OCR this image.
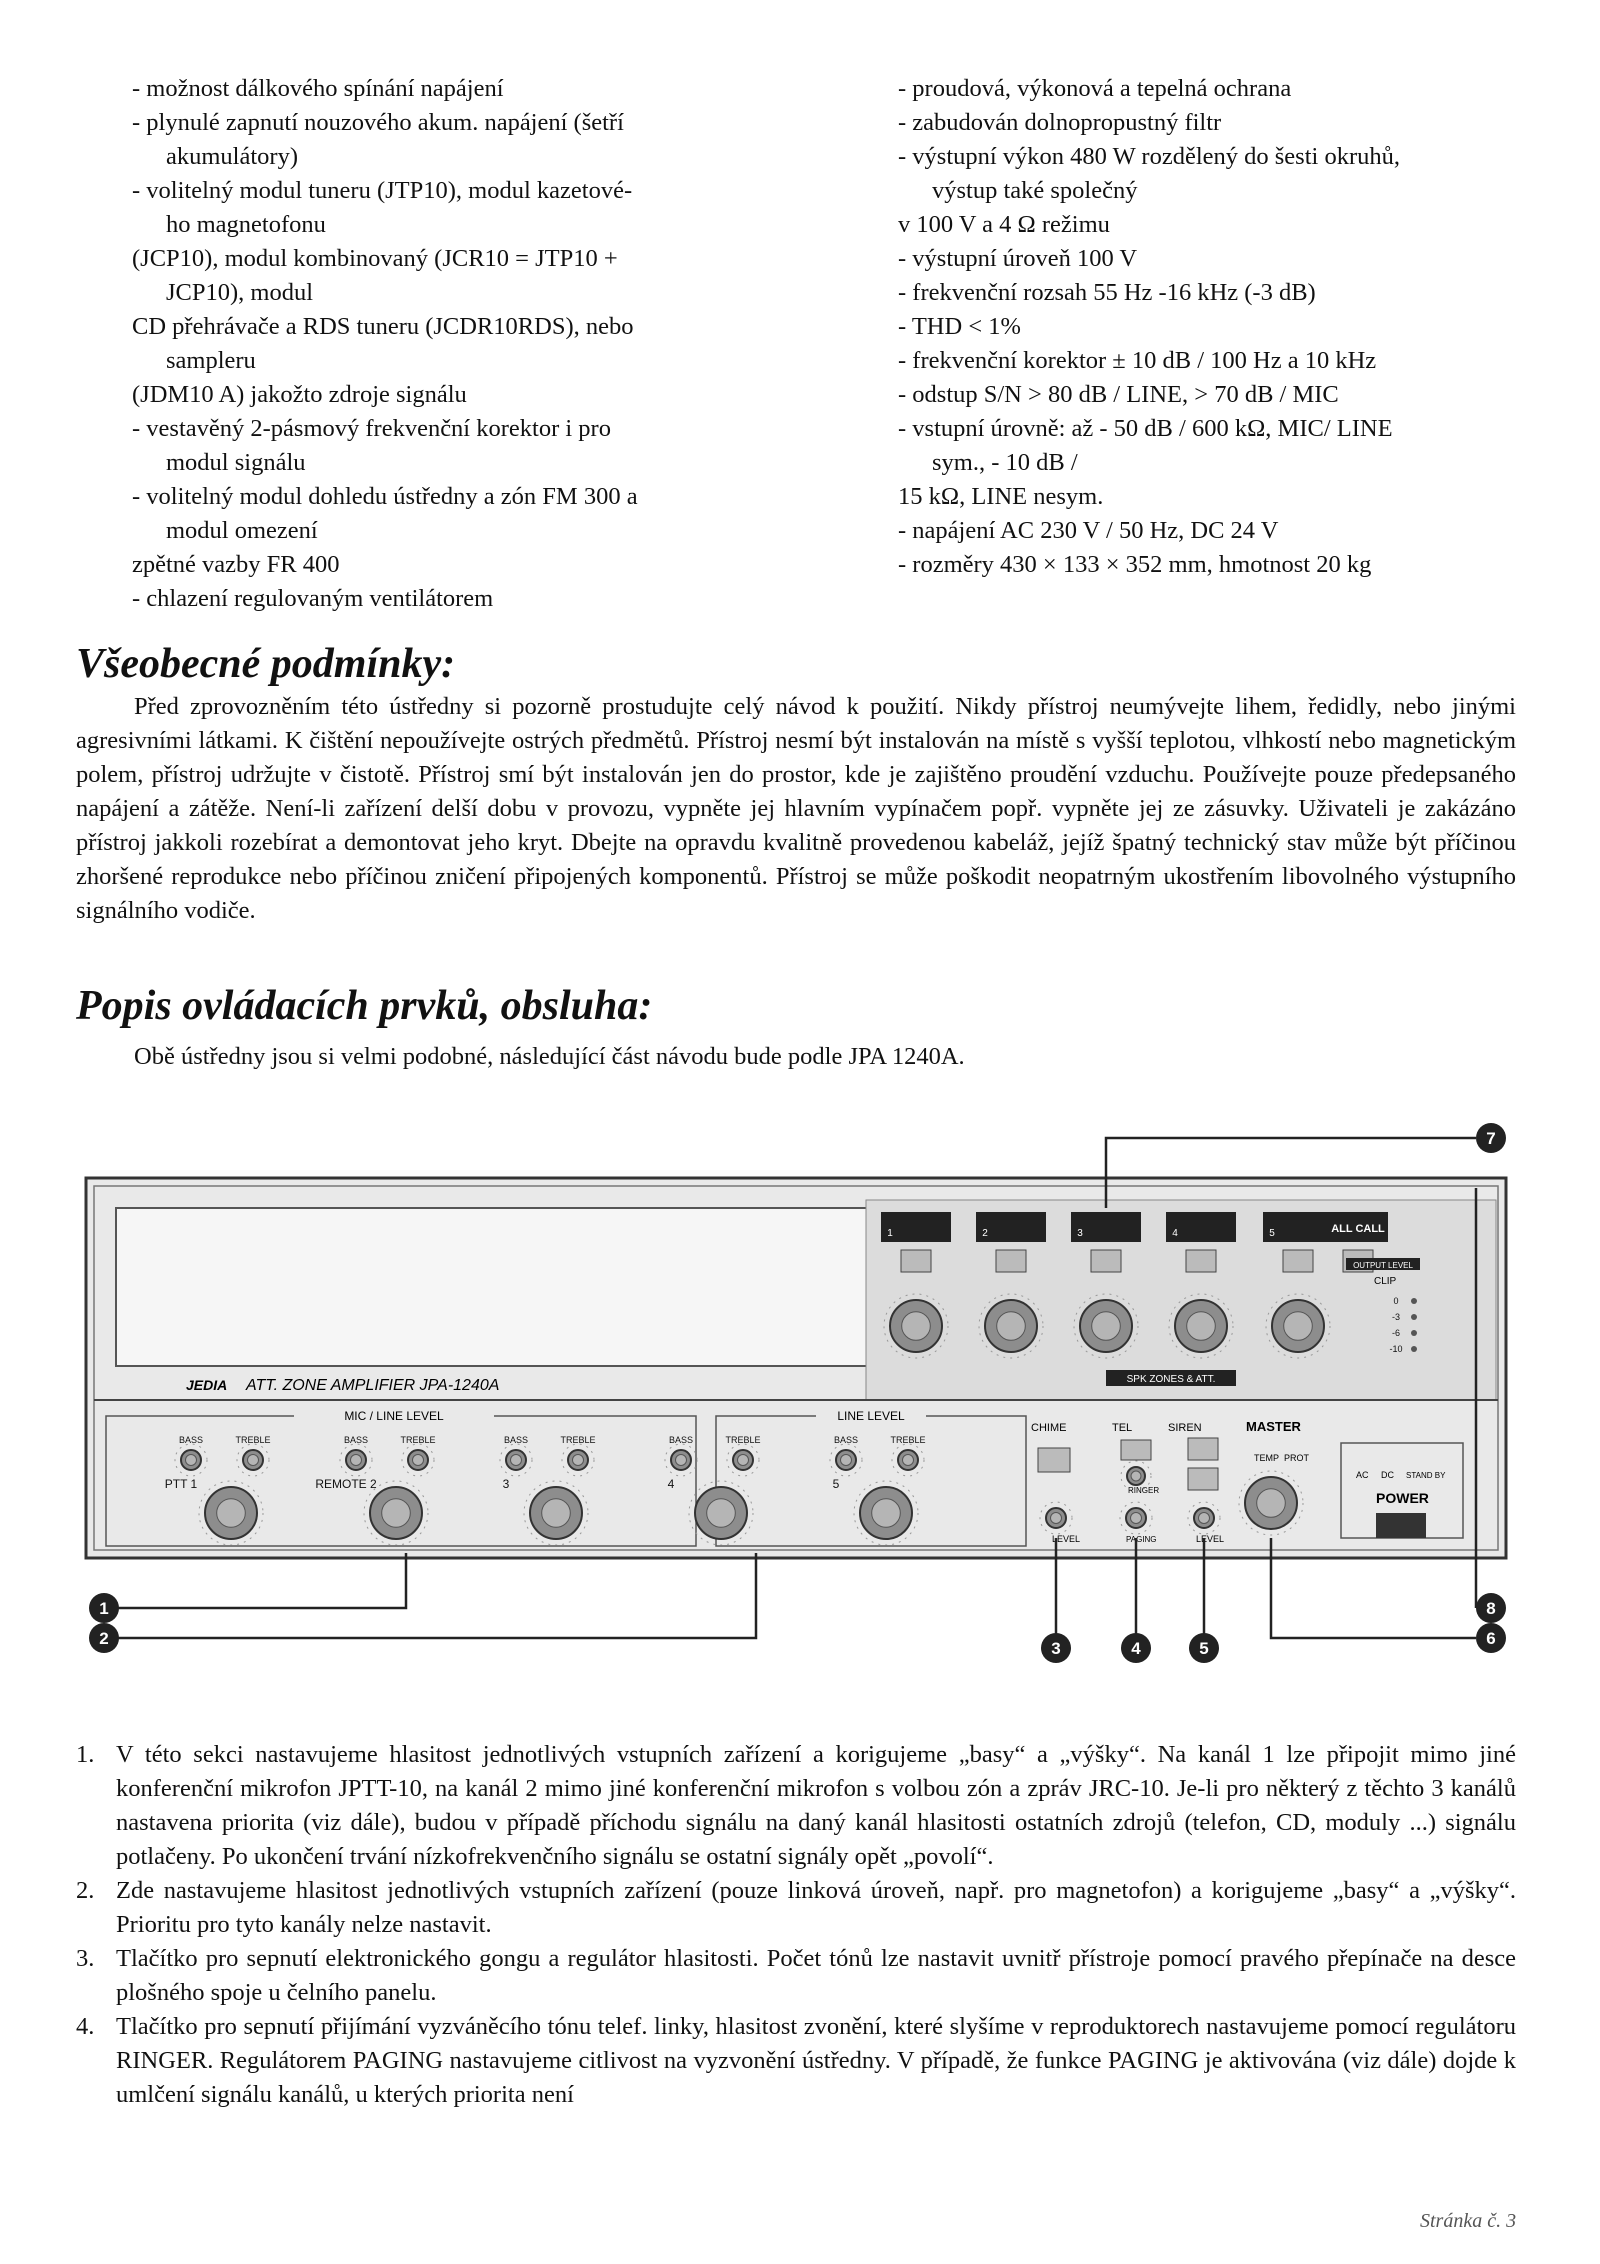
- možnost dálkového spínání napájení

- plynulé zapnutí nouzového akum. napájení (šetří

akumulátory)

- volitelný modul tuneru (JTP10), modul kazetové-

ho magnetofonu

(JCP10), modul kombinovaný (JCR10 = JTP10 +

JCP10), modul

CD přehrávače a RDS tuneru (JCDR10RDS), nebo

sampleru

(JDM10 A) jakožto zdroje signálu

- vestavěný 2-pásmový frekvenční korektor i pro

modul signálu

- volitelný modul dohledu ústředny a zón FM 300 a

modul omezení

zpětné vazby FR 400

- chlazení regulovaným ventilátorem

- proudová, výkonová a tepelná ochrana

- zabudován dolnopropustný filtr

- výstupní výkon 480 W rozdělený do šesti okruhů,

výstup také společný

v 100 V a 4 Ω režimu

- výstupní úroveň 100 V

- frekvenční rozsah 55 Hz -16 kHz (-3 dB)

- THD < 1%

- frekvenční korektor ± 10 dB / 100 Hz a 10 kHz

- odstup S/N > 80 dB / LINE, > 70 dB / MIC

- vstupní úrovně: až - 50 dB / 600 kΩ, MIC/ LINE

sym., - 10 dB /

15 kΩ, LINE nesym.

- napájení AC 230 V / 50 Hz, DC 24 V

- rozměry 430 × 133 × 352 mm, hmotnost 20 kg

Všeobecné podmínky:

Před zprovozněním této ústředny si pozorně prostudujte celý návod k použití. Nikdy přístroj neumývejte lihem, ředidly, nebo jinými agresivními látkami. K čištění nepoužívejte ostrých předmětů. Přístroj nesmí být instalován na místě s vyšší teplotou, vlhkostí nebo magnetickým polem, přístroj udržujte v čistotě. Přístroj smí být instalován jen do prostor, kde je zajištěno proudění vzduchu. Používejte pouze předepsaného napájení a zátěže. Není-li zařízení delší dobu v provozu, vypněte jej hlavním vypínačem popř. vypněte jej ze zásuvky. Uživateli je zakázáno přístroj jakkoli rozebírat a demontovat jeho kryt. Dbejte na opravdu kvalitně provedenou kabeláž, jejíž špatný technický stav může být příčinou zhoršené reprodukce nebo příčinou zničení připojených komponentů. Přístroj se může poškodit neopatrným ukostřením libovolného výstupního signálního vodiče.

Popis ovládacích prvků, obsluha:

Obě ústředny jsou si velmi podobné, následující část návodu bude podle JPA 1240A.

JEDIA ATT. ZONE AMPLIFIER JPA-1240A
MIC / LINE LEVEL	LINE LEVEL
1	2	3	4	5
0
-3
-6
-10
BASS	TREBLE
PTT 1
BASS	TREBLE
REMOTE 2
BASS	TREBLE
3
BASS	TREBLE
4
BASS	TREBLE
5
ALL CALL
SPK ZONES & ATT.
OUTPUT LEVEL
CLIP
CHIME	TEL	SIREN	MASTER
TEMP PROT
AC DC STAND BY
POWER
LEVEL
RINGER
PAGING	LEVEL
1
2
3	4	5
6
8
7
1. V této sekci nastavujeme hlasitost jednotlivých vstupních zařízení a korigujeme „basy“ a „výšky“. Na kanál 1 lze připojit mimo jiné konferenční mikrofon JPTT-10, na kanál 2 mimo jiné konferenční mikrofon s volbou zón a zpráv JRC-10. Je-li pro některý z těchto 3 kanálů nastavena priorita (viz dále), budou v případě příchodu signálu na daný kanál hlasitosti ostatních zdrojů (telefon, CD, moduly ...) signálu potlačeny. Po ukončení trvání nízkofrekvenčního signálu se ostatní signály opět „povolí“.
2. Zde nastavujeme hlasitost jednotlivých vstupních zařízení (pouze linková úroveň, např. pro magnetofon) a korigujeme „basy“ a „výšky“. Prioritu pro tyto kanály nelze nastavit.
3. Tlačítko pro sepnutí elektronického gongu a regulátor hlasitosti. Počet tónů lze nastavit uvnitř přístroje pomocí pravého přepínače na desce plošného spoje u čelního panelu.
4. Tlačítko pro sepnutí přijímání vyzváněcího tónu telef. linky, hlasitost zvonění, které slyšíme v reproduktorech nastavujeme pomocí regulátoru RINGER. Regulátorem PAGING nastavujeme citlivost na vyzvonění ústředny. V případě, že funkce PAGING je aktivována (viz dále) dojde k umlčení signálu kanálů, u kterých priorita není
Stránka č. 3
